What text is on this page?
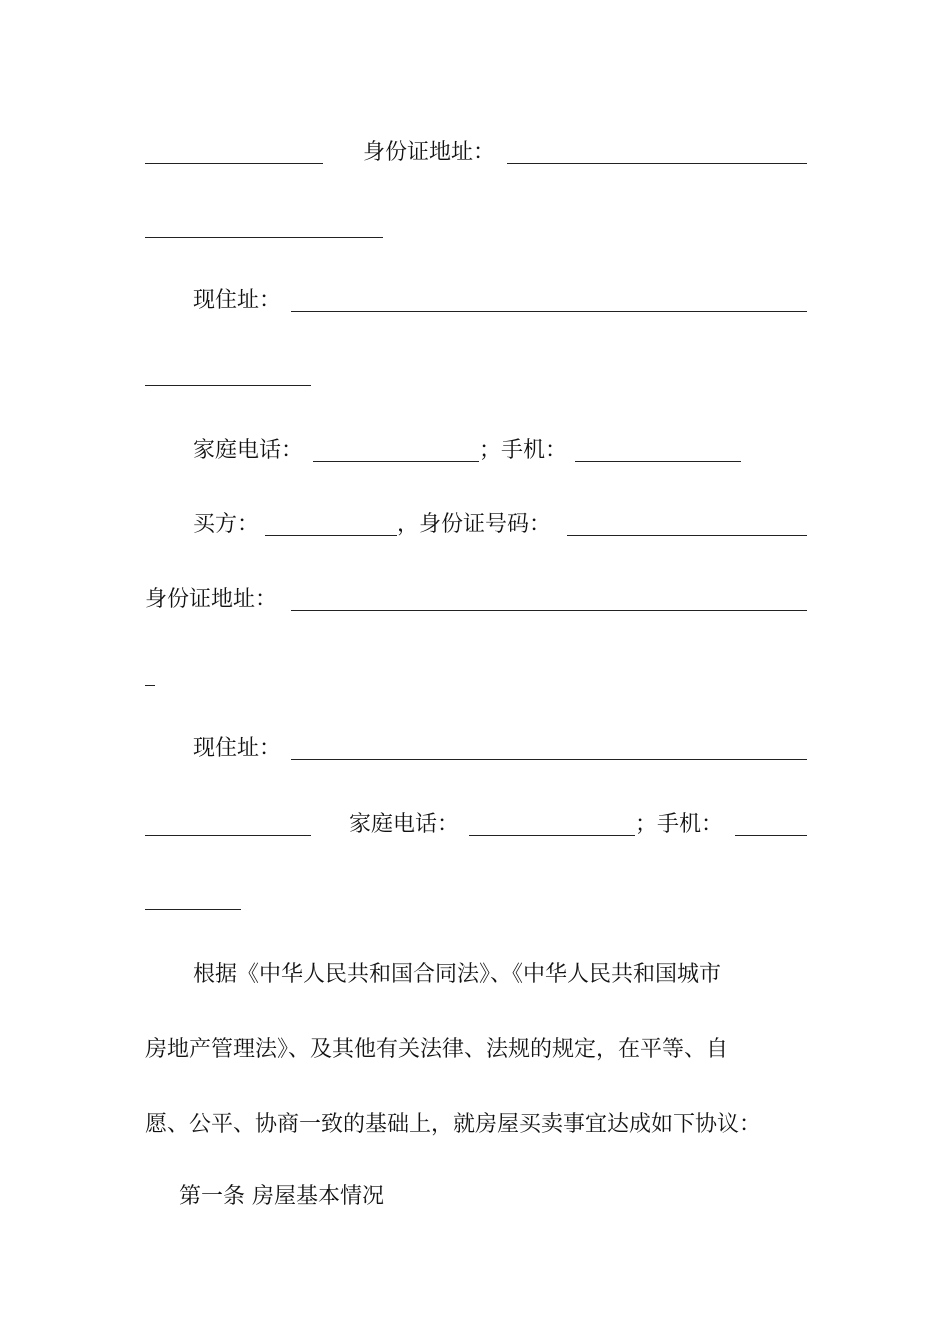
身份证地址：
现住址：
家庭电话：	；手机：
买方：	，身份证号码：
身份证地址：
现住址：
家庭电话：	；手机：
根据《中华人民共和国合同法》、《中华人民共和国城市
房地产管理法》、及其他有关法律、法规的规定，在平等、自
愿、公平、协商一致的基础上，就房屋买卖事宜达成如下协议：
第一条 房屋基本情况
